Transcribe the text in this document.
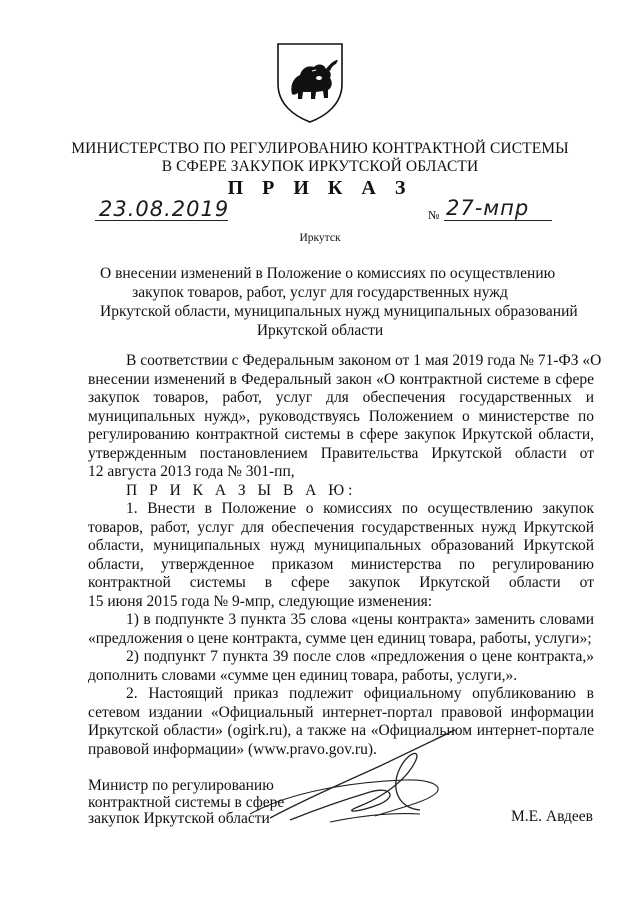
МИНИСТЕРСТВО ПО РЕГУЛИРОВАНИЮ КОНТРАКТНОЙ СИСТЕМЫ
В СФЕРЕ ЗАКУПОК ИРКУТСКОЙ ОБЛАСТИ
П Р И К А З
23.08.2019	№ 27-мпр
Иркутск
О внесении изменений в Положение о комиссиях по осуществлению
закупок товаров, работ, услуг для государственных нужд
Иркутской области, муниципальных нужд муниципальных образований
Иркутской области
В соответствии с Федеральным законом от 1 мая 2019 года № 71-ФЗ «О
внесении изменений в Федеральный закон «О контрактной системе в сфере
закупок товаров, работ, услуг для обеспечения государственных и
муниципальных нужд», руководствуясь Положением о министерстве по
регулированию контрактной системы в сфере закупок Иркутской области,
утвержденным постановлением Правительства Иркутской области от
12 августа 2013 года № 301-пп,
П Р И К А З Ы В А Ю:
1. Внести в Положение о комиссиях по осуществлению закупок
товаров, работ, услуг для обеспечения государственных нужд Иркутской
области, муниципальных нужд муниципальных образований Иркутской
области, утвержденное приказом министерства по регулированию
контрактной системы в сфере закупок Иркутской области от
15 июня 2015 года № 9-мпр, следующие изменения:
1) в подпункте 3 пункта 35 слова «цены контракта» заменить словами
«предложения о цене контракта, сумме цен единиц товара, работы, услуги»;
2) подпункт 7 пункта 39 после слов «предложения о цене контракта,»
дополнить словами «сумме цен единиц товара, работы, услуги,».
2. Настоящий приказ подлежит официальному опубликованию в
сетевом издании «Официальный интернет-портал правовой информации
Иркутской области» (ogirk.ru), а также на «Официальном интернет-портале
правовой информации» (www.pravo.gov.ru).
Министр по регулированию
контрактной системы в сфере
закупок Иркутской области	М.Е. Авдеев
